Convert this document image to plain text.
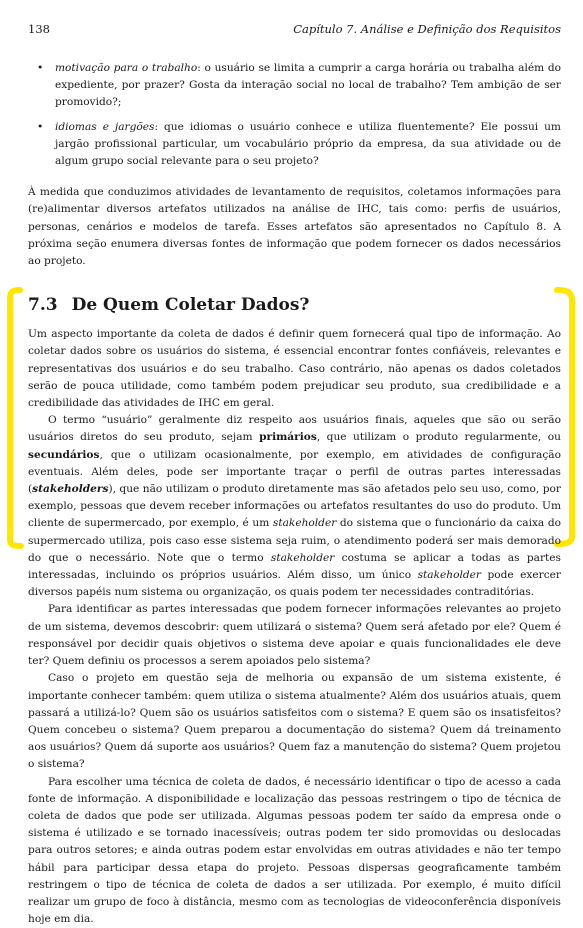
138	Capítulo 7. Análise e Definição dos Requisitos
• motivação para o trabalho: o usuário se limita a cumprir a carga horária ou trabalha além do expediente, por prazer? Gosta da interação social no local de trabalho? Tem ambição de ser promovido?;
• idiomas e jargões: que idiomas o usuário conhece e utiliza fluentemente? Ele possui um jargão profissional particular, um vocabulário próprio da empresa, da sua atividade ou de algum grupo social relevante para o seu projeto?

À medida que conduzimos atividades de levantamento de requisitos, coletamos informações para (re)alimentar diversos artefatos utilizados na análise de IHC, tais como: perfis de usuários, personas, cenários e modelos de tarefa. Esses artefatos são apresentados no Capítulo 8. A próxima seção enumera diversas fontes de informação que podem fornecer os dados necessários ao projeto.

7.3 De Quem Coletar Dados?

Um aspecto importante da coleta de dados é definir quem fornecerá qual tipo de informação. Ao coletar dados sobre os usuários do sistema, é essencial encontrar fontes confiáveis, relevantes e representativas dos usuários e do seu trabalho. Caso contrário, não apenas os dados coletados serão de pouca utilidade, como também podem prejudicar seu produto, sua credibilidade e a credibilidade das atividades de IHC em geral.

O termo “usuário” geralmente diz respeito aos usuários finais, aqueles que são ou serão usuários diretos do seu produto, sejam primários, que utilizam o produto regularmente, ou secundários, que o utilizam ocasionalmente, por exemplo, em atividades de configuração eventuais. Além deles, pode ser importante traçar o perfil de outras partes interessadas (stakeholders), que não utilizam o produto diretamente mas são afetados pelo seu uso, como, por exemplo, pessoas que devem receber informações ou artefatos resultantes do uso do produto. Um cliente de supermercado, por exemplo, é um stakeholder do sistema que o funcionário da caixa do supermercado utiliza, pois caso esse sistema seja ruim, o atendimento poderá ser mais demorado do que o necessário. Note que o termo stakeholder costuma se aplicar a todas as partes interessadas, incluindo os próprios usuários. Além disso, um único stakeholder pode exercer diversos papéis num sistema ou organização, os quais podem ter necessidades contraditórias.

Para identificar as partes interessadas que podem fornecer informações relevantes ao projeto de um sistema, devemos descobrir: quem utilizará o sistema? Quem será afetado por ele? Quem é responsável por decidir quais objetivos o sistema deve apoiar e quais funcionalidades ele deve ter? Quem definiu os processos a serem apoiados pelo sistema?

Caso o projeto em questão seja de melhoria ou expansão de um sistema existente, é importante conhecer também: quem utiliza o sistema atualmente? Além dos usuários atuais, quem passará a utilizá-lo? Quem são os usuários satisfeitos com o sistema? E quem são os insatisfeitos? Quem concebeu o sistema? Quem preparou a documentação do sistema? Quem dá treinamento aos usuários? Quem dá suporte aos usuários? Quem faz a manutenção do sistema? Quem projetou o sistema?

Para escolher uma técnica de coleta de dados, é necessário identificar o tipo de acesso a cada fonte de informação. A disponibilidade e localização das pessoas restringem o tipo de técnica de coleta de dados que pode ser utilizada. Algumas pessoas podem ter saído da empresa onde o sistema é utilizado e se tornado inacessíveis; outras podem ter sido promovidas ou deslocadas para outros setores; e ainda outras podem estar envolvidas em outras atividades e não ter tempo hábil para participar dessa etapa do projeto. Pessoas dispersas geograficamente também restringem o tipo de técnica de coleta de dados a ser utilizada. Por exemplo, é muito difícil realizar um grupo de foco à distância, mesmo com as tecnologias de videoconferência disponíveis hoje em dia.
